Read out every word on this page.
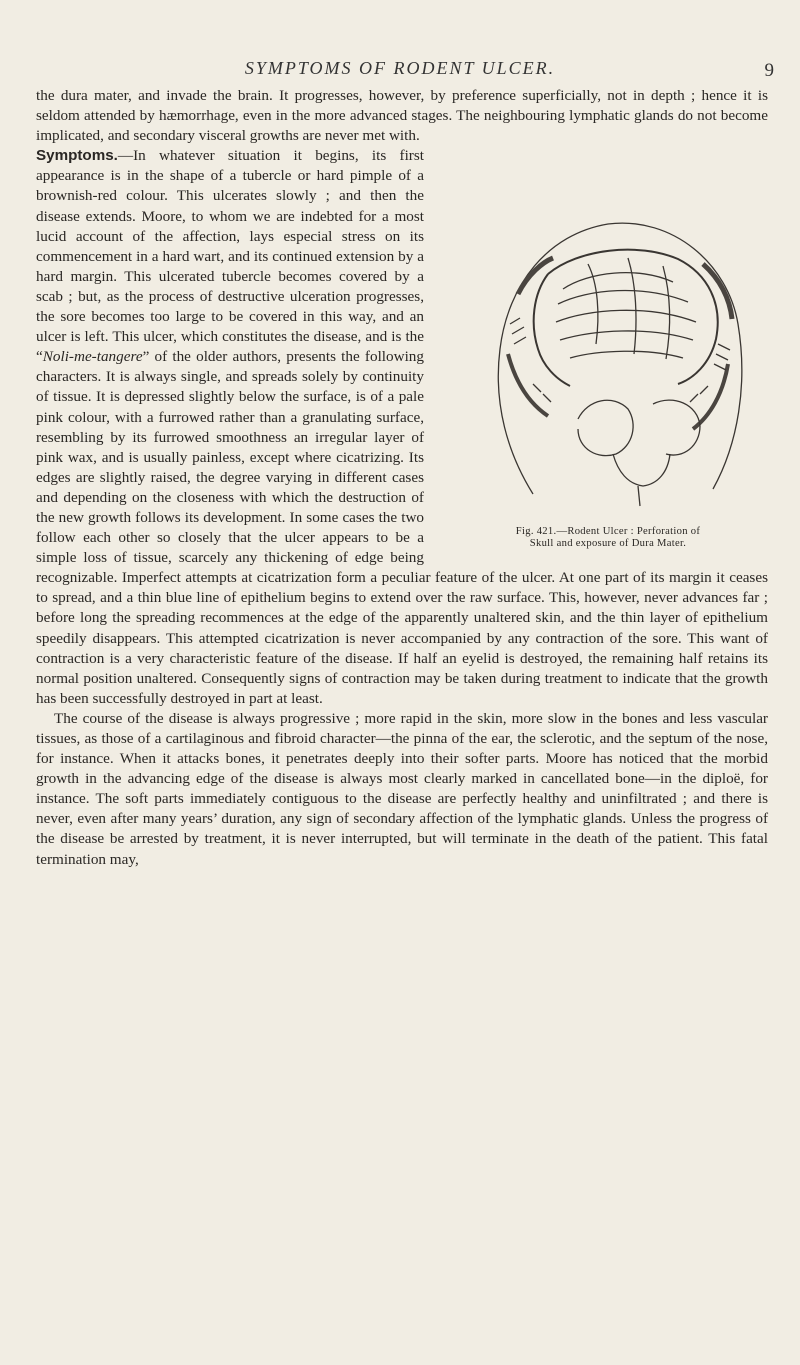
SYMPTOMS OF RODENT ULCER.	9

the dura mater, and invade the brain. It progresses, however, by preference superficially, not in depth ; hence it is seldom attended by hæmorrhage, even in the more advanced stages. The neighbouring lymphatic glands do not become implicated, and secondary visceral growths are never met with.

Fig. 421.—Rodent Ulcer : Perforation of
Skull and exposure of Dura Mater.
Symptoms.—In whatever situation it begins, its first appearance is in the shape of a tubercle or hard pimple of a brownish-red colour. This ulcerates slowly ; and then the disease extends. Moore, to whom we are indebted for a most lucid account of the affection, lays especial stress on its commencement in a hard wart, and its continued extension by a hard margin. This ulcerated tubercle becomes covered by a scab ; but, as the process of destructive ulceration progresses, the sore becomes too large to be covered in this way, and an ulcer is left. This ulcer, which constitutes the disease, and is the “Noli-me-tangere” of the older authors, presents the following characters. It is always single, and spreads solely by continuity of tissue. It is depressed slightly below the surface, is of a pale pink colour, with a furrowed rather than a granulating surface, resembling by its furrowed smoothness an irregular layer of pink wax, and is usually painless, except where cicatrizing. Its edges are slightly raised, the degree varying in different cases and depending on the closeness with which the destruction of the new growth follows its development. In some cases the two follow each other so closely that the ulcer appears to be a simple loss of tissue, scarcely any thickening of edge being recognizable. Imperfect attempts at cicatrization form a peculiar feature of the ulcer. At one part of its margin it ceases to spread, and a thin blue line of epithelium begins to extend over the raw surface. This, however, never advances far ; before long the spreading recommences at the edge of the apparently unaltered skin, and the thin layer of epithelium speedily disappears. This attempted cicatrization is never accompanied by any contraction of the sore. This want of contraction is a very characteristic feature of the disease. If half an eyelid is destroyed, the remaining half retains its normal position unaltered. Consequently signs of contraction may be taken during treatment to indicate that the growth has been successfully destroyed in part at least.

The course of the disease is always progressive ; more rapid in the skin, more slow in the bones and less vascular tissues, as those of a cartilaginous and fibroid character—the pinna of the ear, the sclerotic, and the septum of the nose, for instance. When it attacks bones, it penetrates deeply into their softer parts. Moore has noticed that the morbid growth in the advancing edge of the disease is always most clearly marked in cancellated bone—in the diploë, for instance. The soft parts immediately contiguous to the disease are perfectly healthy and uninfiltrated ; and there is never, even after many years’ duration, any sign of secondary affection of the lymphatic glands. Unless the progress of the disease be arrested by treatment, it is never interrupted, but will terminate in the death of the patient. This fatal termination may,
